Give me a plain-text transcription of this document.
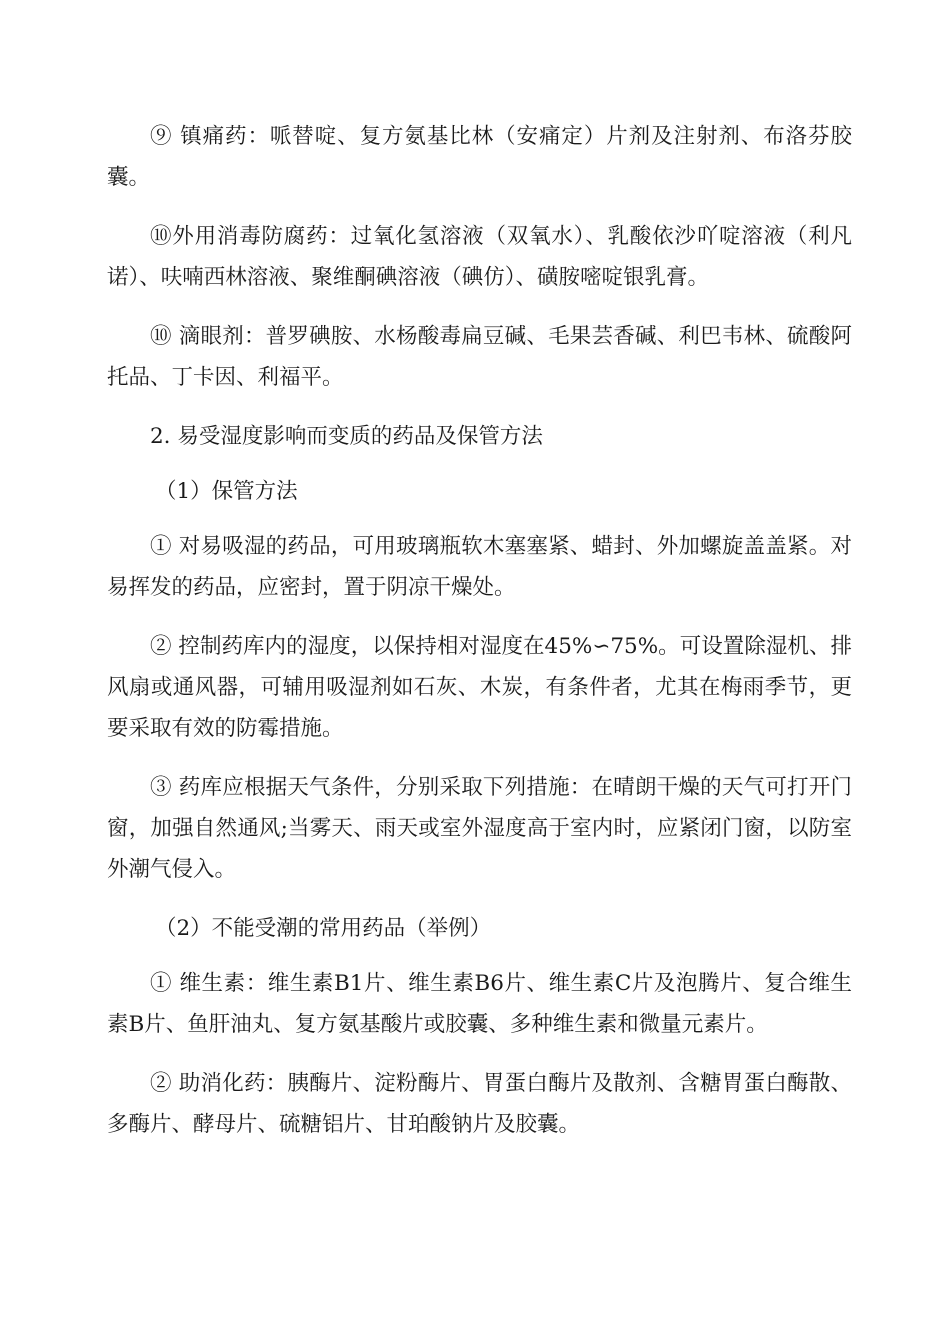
⑨ 镇痛药：哌替啶、复方氨基比林（安痛定）片剂及注射剂、布洛芬胶囊。

⑩外用消毒防腐药：过氧化氢溶液（双氧水）、乳酸依沙吖啶溶液（利凡诺）、呋喃西林溶液、聚维酮碘溶液（碘仿）、磺胺嘧啶银乳膏。

⑩ 滴眼剂：普罗碘胺、水杨酸毒扁豆碱、毛果芸香碱、利巴韦林、硫酸阿托品、丁卡因、利福平。

2. 易受湿度影响而变质的药品及保管方法

（1）保管方法

① 对易吸湿的药品，可用玻璃瓶软木塞塞紧、蜡封、外加螺旋盖盖紧。对易挥发的药品，应密封，置于阴凉干燥处。

② 控制药库内的湿度，以保持相对湿度在45%∽75%。可设置除湿机、排风扇或通风器，可辅用吸湿剂如石灰、木炭，有条件者，尤其在梅雨季节，更要采取有效的防霉措施。

③ 药库应根据天气条件，分别采取下列措施：在晴朗干燥的天气可打开门窗，加强自然通风;当雾天、雨天或室外湿度高于室内时，应紧闭门窗，以防室外潮气侵入。

（2）不能受潮的常用药品（举例）

① 维生素：维生素B1片、维生素B6片、维生素C片及泡腾片、复合维生素B片、鱼肝油丸、复方氨基酸片或胶囊、多种维生素和微量元素片。

② 助消化药：胰酶片、淀粉酶片、胃蛋白酶片及散剂、含糖胃蛋白酶散、多酶片、酵母片、硫糖铝片、甘珀酸钠片及胶囊。
